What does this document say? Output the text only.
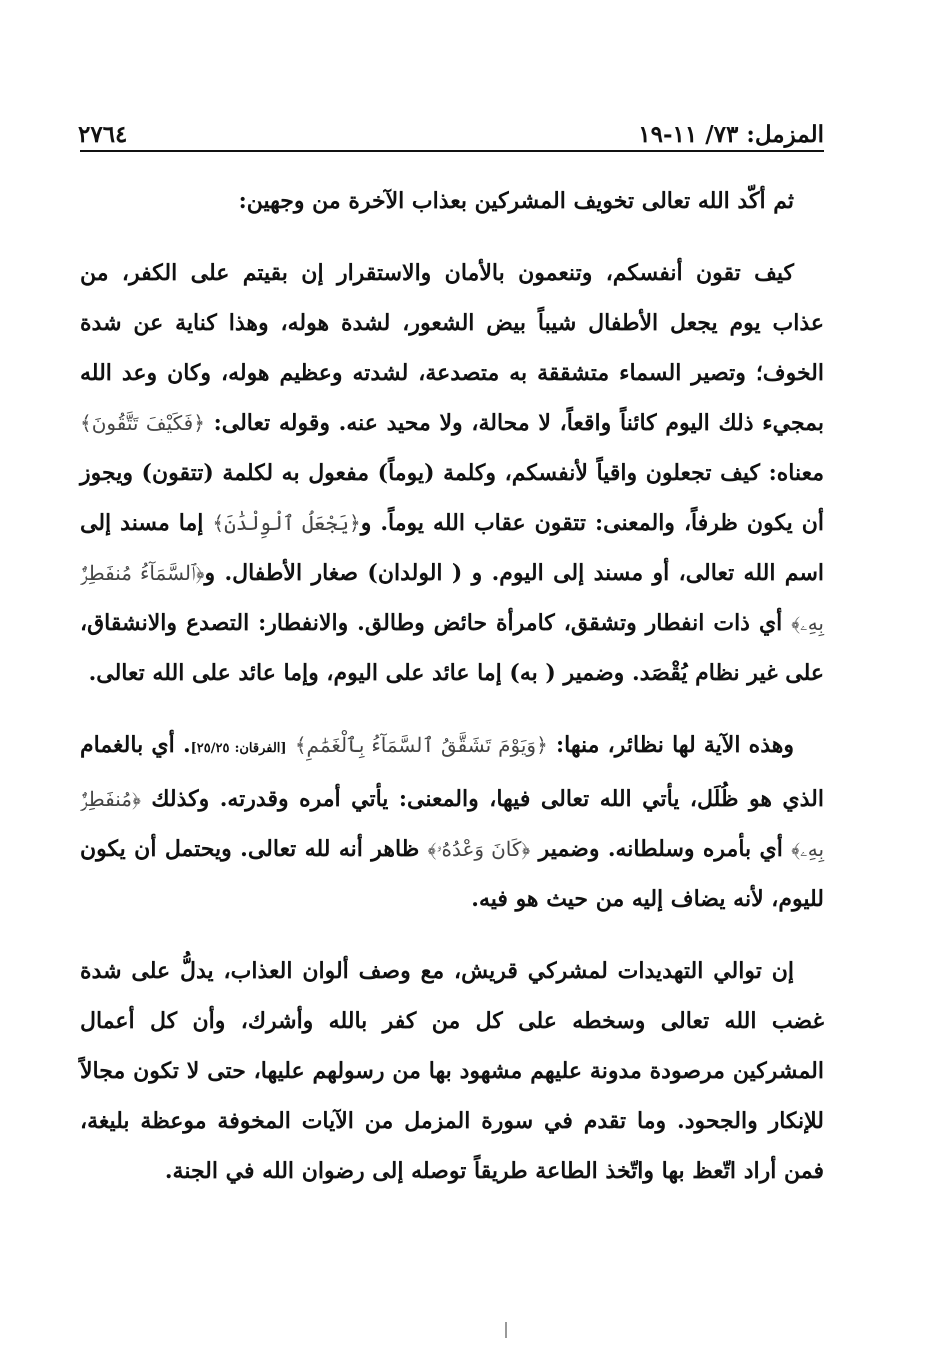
٢٧٦٤	المزمل: ٧٣/ ١١-١٩

ثم أكّد الله تعالى تخويف المشركين بعذاب الآخرة من وجهين:

كيف تقون أنفسكم، وتنعمون بالأمان والاستقرار إن بقيتم على الكفر، من عذاب يوم يجعل الأطفال شيباً بيض الشعور، لشدة هوله، وهذا كناية عن شدة الخوف؛ وتصير السماء متشققة به متصدعة، لشدته وعظيم هوله، وكان وعد الله بمجيء ذلك اليوم كائناً واقعاً، لا محالة، ولا محيد عنه. وقوله تعالى: ﴿فَكَيْفَ تَتَّقُونَ﴾ معناه: كيف تجعلون واقياً لأنفسكم، وكلمة (يوماً) مفعول به لكلمة (تتقون) ويجوز أن يكون ظرفاً، والمعنى: تتقون عقاب الله يوماً. و﴿يَجْعَلُ ٱلْوِلْدَٰنَ﴾ إما مسند إلى اسم الله تعالى، أو مسند إلى اليوم. و ( الولدان) صغار الأطفال. و﴿ٱلسَّمَآءُ مُنفَطِرٌۢ بِهِۦ﴾ أي ذات انفطار وتشقق، كامرأة حائض وطالق. والانفطار: التصدع والانشقاق، على غير نظام يُقْصَد. وضمير ( به) إما عائد على اليوم، وإما عائد على الله تعالى.

وهذه الآية لها نظائر، منها: ﴿وَيَوْمَ تَشَقَّقُ ٱلسَّمَآءُ بِٱلْغَمَٰمِ﴾ [الفرقان: ٢٥/٢٥]. أي بالغمام الذي هو ظُلَل، يأتي الله تعالى فيها، والمعنى: يأتي أمره وقدرته. وكذلك ﴿مُنفَطِرٌۢ بِهِۦ﴾ أي بأمره وسلطانه. وضمير ﴿كَانَ وَعْدُهُۥ﴾ ظاهر أنه لله تعالى. ويحتمل أن يكون لليوم، لأنه يضاف إليه من حيث هو فيه.

إن توالي التهديدات لمشركي قريش، مع وصف ألوان العذاب، يدلُّ على شدة غضب الله تعالى وسخطه على كل من كفر بالله وأشرك، وأن كل أعمال المشركين مرصودة مدونة عليهم مشهود بها من رسولهم عليها، حتى لا تكون مجالاً للإنكار والجحود. وما تقدم في سورة المزمل من الآيات المخوفة موعظة بليغة، فمن أراد اتّعظ بها واتّخذ الطاعة طريقاً توصله إلى رضوان الله في الجنة.
